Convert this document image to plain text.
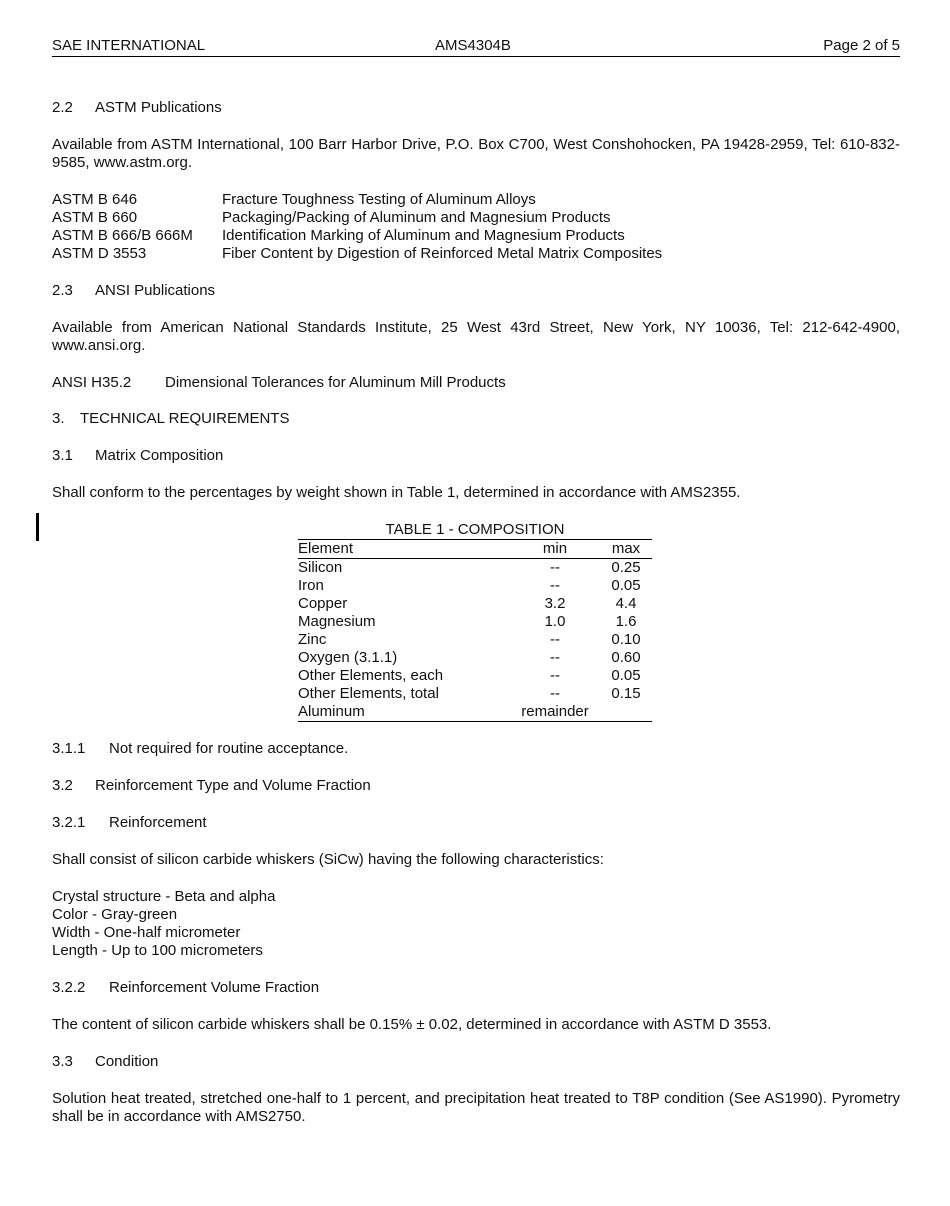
SAE INTERNATIONAL	AMS4304B	Page 2 of 5
2.2 ASTM Publications
Available from ASTM International, 100 Barr Harbor Drive, P.O. Box C700, West Conshohocken, PA 19428-2959, Tel: 610-832-9585, www.astm.org.
ASTM B 646	Fracture Toughness Testing of Aluminum Alloys
ASTM B 660	Packaging/Packing of Aluminum and Magnesium Products
ASTM B 666/B 666M Identification Marking of Aluminum and Magnesium Products
ASTM D 3553	Fiber Content by Digestion of Reinforced Metal Matrix Composites
2.3 ANSI Publications
Available from American National Standards Institute, 25 West 43rd Street, New York, NY 10036, Tel: 212-642-4900, www.ansi.org.
ANSI H35.2 Dimensional Tolerances for Aluminum Mill Products
3. TECHNICAL REQUIREMENTS
3.1 Matrix Composition
Shall conform to the percentages by weight shown in Table 1, determined in accordance with AMS2355.
TABLE 1 - COMPOSITION
Element	min	max
Silicon	--	0.25
Iron	--	0.05
Copper	3.2	4.4
Magnesium	1.0	1.6
Zinc	--	0.10
Oxygen (3.1.1)	--	0.60
Other Elements, each	--	0.05
Other Elements, total	--	0.15
Aluminum	remainder	
3.1.1 Not required for routine acceptance.
3.2 Reinforcement Type and Volume Fraction
3.2.1 Reinforcement
Shall consist of silicon carbide whiskers (SiCw) having the following characteristics:
Crystal structure - Beta and alpha
Color - Gray-green
Width - One-half micrometer
Length - Up to 100 micrometers
3.2.2 Reinforcement Volume Fraction
The content of silicon carbide whiskers shall be 0.15% ± 0.02, determined in accordance with ASTM D 3553.
3.3 Condition
Solution heat treated, stretched one-half to 1 percent, and precipitation heat treated to T8P condition (See AS1990). Pyrometry shall be in accordance with AMS2750.
